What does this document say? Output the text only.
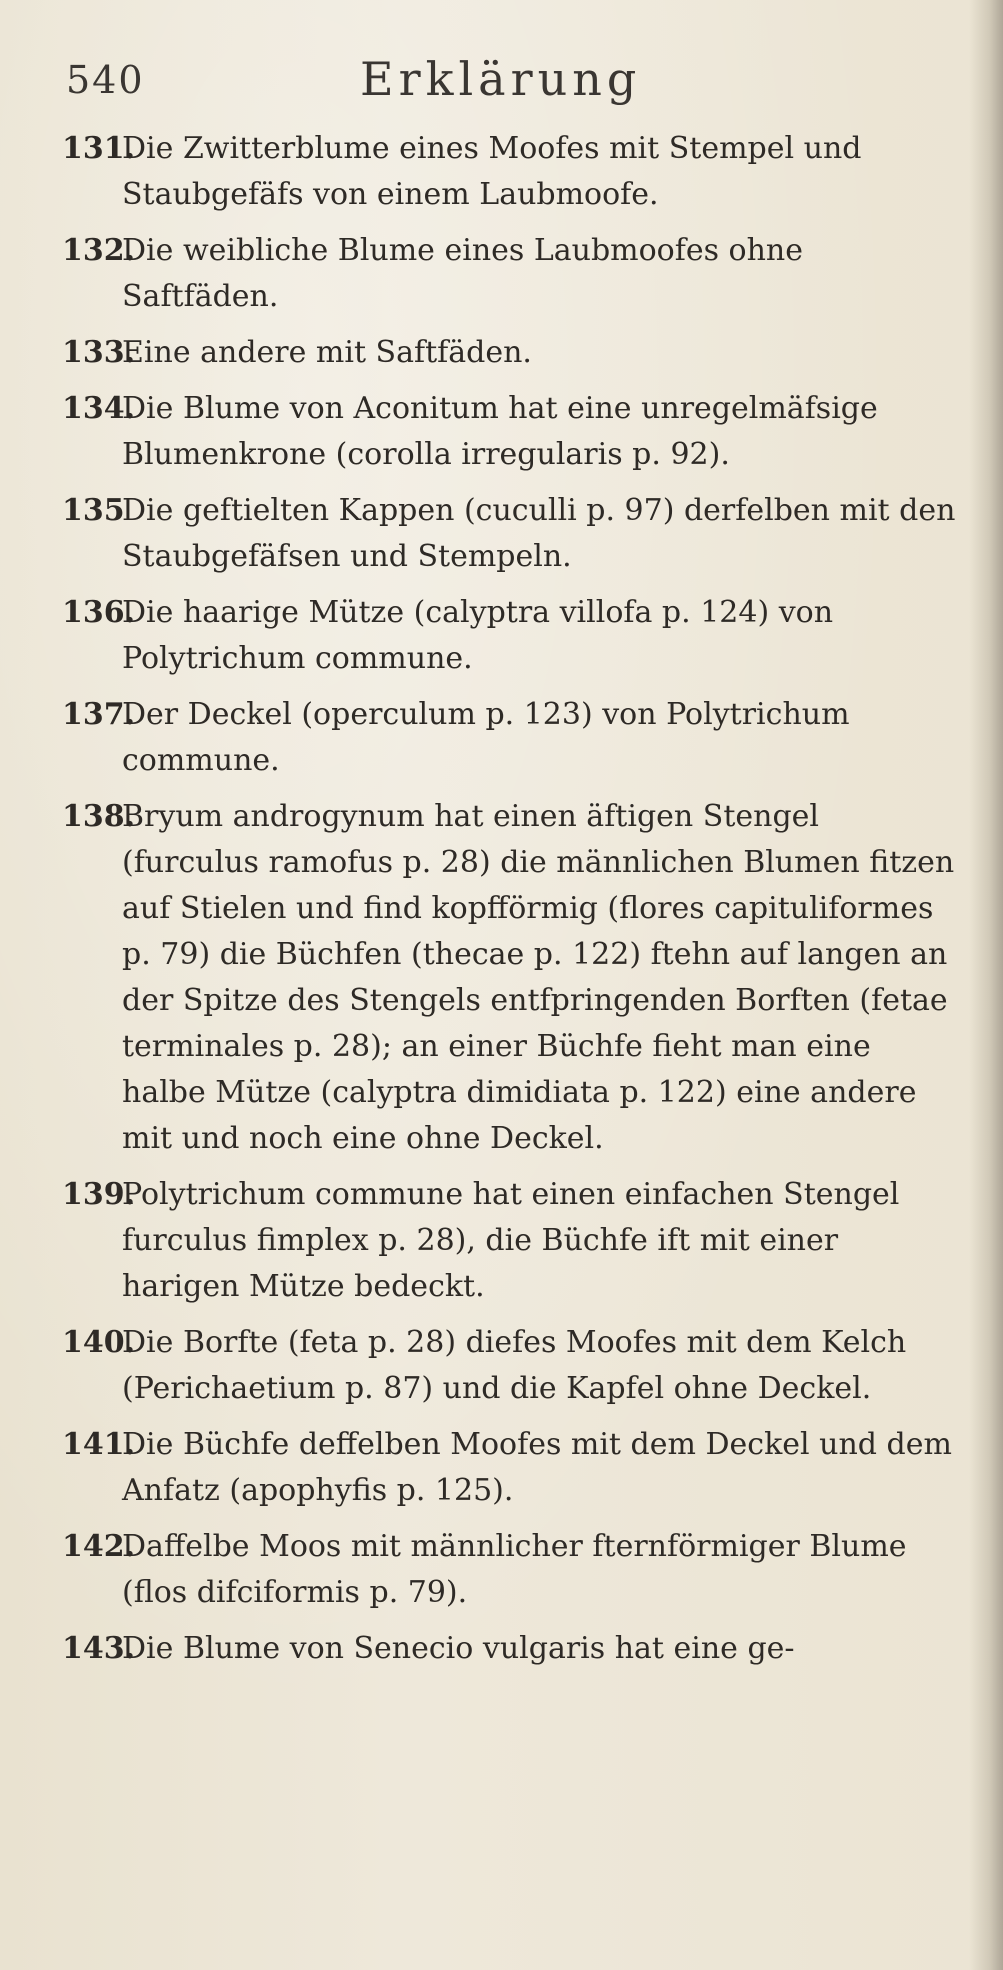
540	Erklärung
131.
Die Zwitterblume eines Moofes mit Stempel und Staubgefäfs von einem Laubmoofe.
132.
Die weibliche Blume eines Laubmoofes ohne Saftfäden.
133.
Eine andere mit Saftfäden.
134.
Die Blume von Aconitum hat eine unregelmäfsige Blumenkrone (corolla irregularis p. 92).
135
Die geftielten Kappen (cuculli p. 97) derfelben mit den Staubgefäfsen und Stempeln.
136.
Die haarige Mütze (calyptra villofa p. 124) von Polytrichum commune.
137.
Der Deckel (operculum p. 123) von Polytrichum commune.
138.
Bryum androgynum hat einen äftigen Stengel (furculus ramofus p. 28) die männlichen Blumen fitzen auf Stielen und find kopfförmig (flores capituliformes p. 79) die Büchfen (thecae p. 122) ftehn auf langen an der Spitze des Stengels entfpringenden Borften (fetae terminales p. 28); an einer Büchfe fieht man eine halbe Mütze (calyptra dimidiata p. 122) eine andere mit und noch eine ohne Deckel.
139.
Polytrichum commune hat einen einfachen Stengel furculus fimplex p. 28), die Büchfe ift mit einer harigen Mütze bedeckt.
140.
Die Borfte (feta p. 28) diefes Moofes mit dem Kelch (Perichaetium p. 87) und die Kapfel ohne Deckel.
141.
Die Büchfe deffelben Moofes mit dem Deckel und dem Anfatz (apophyfis p. 125).
142.
Daffelbe Moos mit männlicher fternförmiger Blume (flos difciformis p. 79).
143.
Die Blume von Senecio vulgaris hat eine ge-
